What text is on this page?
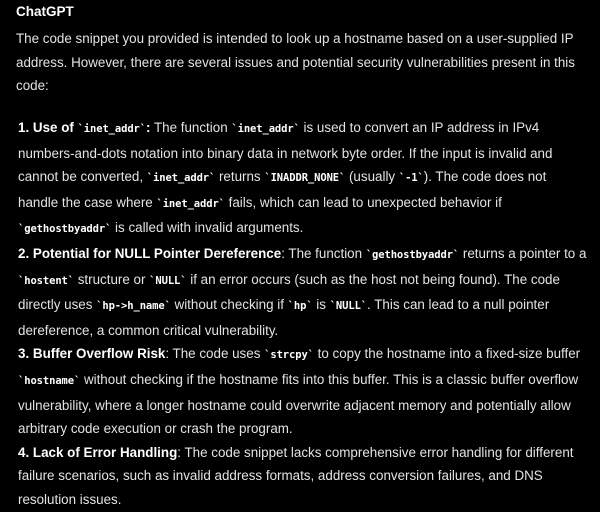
ChatGPT

The code snippet you provided is intended to look up a hostname based on a user-supplied IP address. However, there are several issues and potential security vulnerabilities present in this code:

1. Use of `inet_addr`: The function `inet_addr` is used to convert an IP address in IPv4 numbers-and-dots notation into binary data in network byte order. If the input is invalid and cannot be converted, `inet_addr` returns `INADDR_NONE` (usually `-1`). The code does not handle the case where `inet_addr` fails, which can lead to unexpected behavior if `gethostbyaddr` is called with invalid arguments.
2. Potential for NULL Pointer Dereference: The function `gethostbyaddr` returns a pointer to a `hostent` structure or `NULL` if an error occurs (such as the host not being found). The code directly uses `hp->h_name` without checking if `hp` is `NULL`. This can lead to a null pointer dereference, a common critical vulnerability.
3. Buffer Overflow Risk: The code uses `strcpy` to copy the hostname into a fixed-size buffer `hostname` without checking if the hostname fits into this buffer. This is a classic buffer overflow vulnerability, where a longer hostname could overwrite adjacent memory and potentially allow arbitrary code execution or crash the program.
4. Lack of Error Handling: The code snippet lacks comprehensive error handling for different failure scenarios, such as invalid address formats, address conversion failures, and DNS resolution issues.
